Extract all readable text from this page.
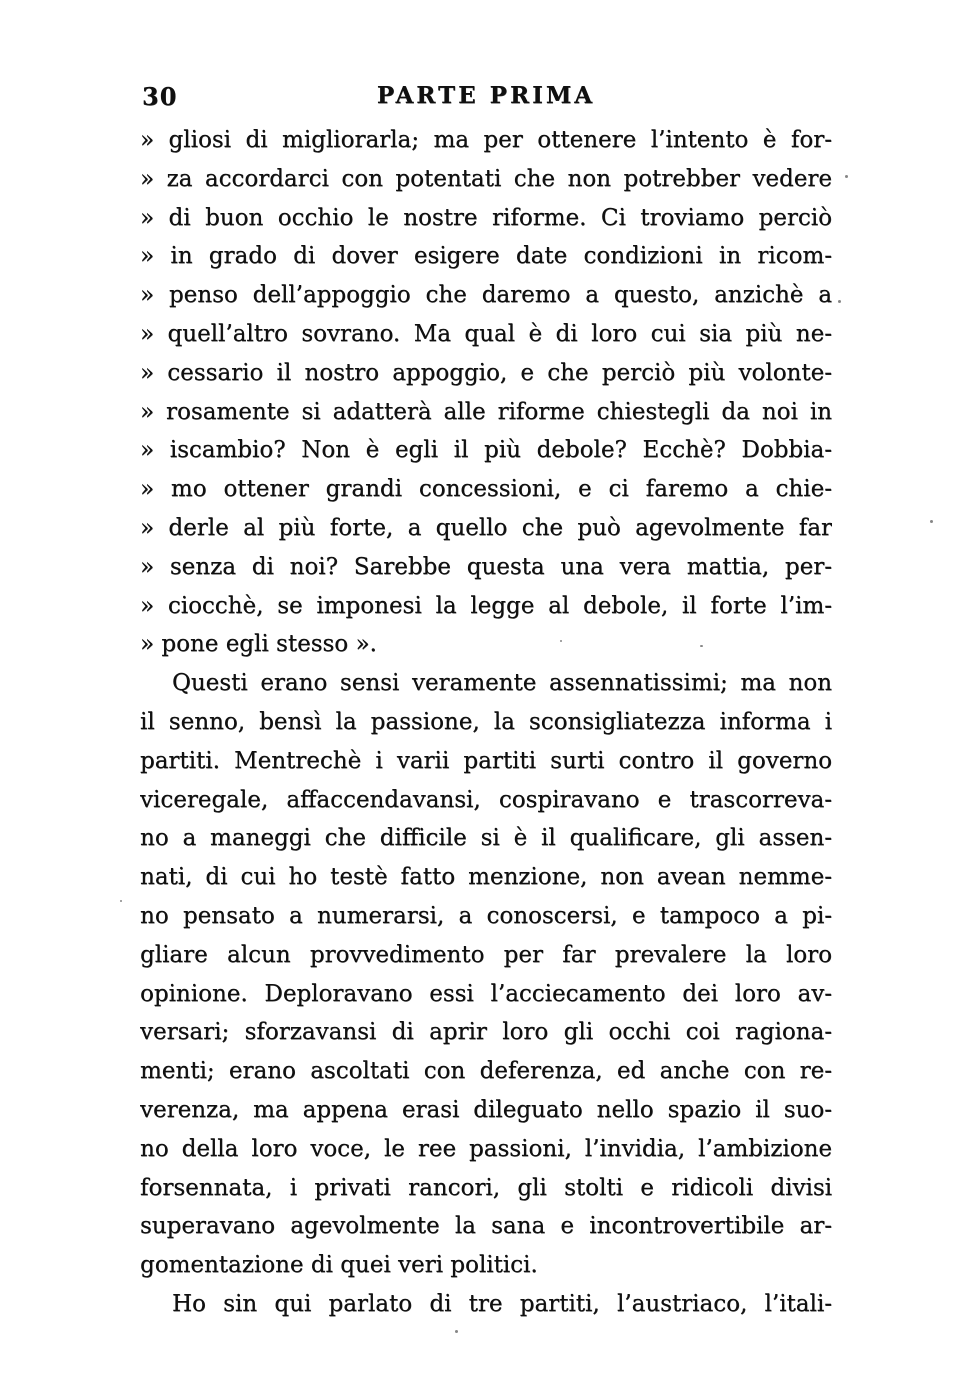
30	PARTE PRIMA
» gliosi di migliorarla; ma per ottenere l’intento è for-
» za accordarci con potentati che non potrebber vedere
» di buon occhio le nostre riforme. Ci troviamo perciò
» in grado di dover esigere date condizioni in ricom-
» penso dell’appoggio che daremo a questo, anzichè a
» quell’altro sovrano. Ma qual è di loro cui sia più ne-
» cessario il nostro appoggio, e che perciò più volonte-
» rosamente si adatterà alle riforme chiestegli da noi in
» iscambio? Non è egli il più debole? Ecchè? Dobbia-
» mo ottener grandi concessioni, e ci faremo a chie-
» derle al più forte, a quello che può agevolmente far
» senza di noi? Sarebbe questa una vera mattia, per-
» ciocchè, se imponesi la legge al debole, il forte l’im-
» pone egli stesso ».
Questi erano sensi veramente assennatissimi; ma non
il senno, bensì la passione, la sconsigliatezza informa i
partiti. Mentrechè i varii partiti surti contro il governo
viceregale, affaccendavansi, cospiravano e trascorreva-
no a maneggi che difficile si è il qualificare, gli assen-
nati, di cui ho testè fatto menzione, non avean nemme-
no pensato a numerarsi, a conoscersi, e tampoco a pi-
gliare alcun provvedimento per far prevalere la loro
opinione. Deploravano essi l’acciecamento dei loro av-
versari; sforzavansi di aprir loro gli occhi coi ragiona-
menti; erano ascoltati con deferenza, ed anche con re-
verenza, ma appena erasi dileguato nello spazio il suo-
no della loro voce, le ree passioni, l’invidia, l’ambizione
forsennata, i privati rancori, gli stolti e ridicoli divisi
superavano agevolmente la sana e incontrovertibile ar-
gomentazione di quei veri politici.
Ho sin qui parlato di tre partiti, l’austriaco, l’itali-
